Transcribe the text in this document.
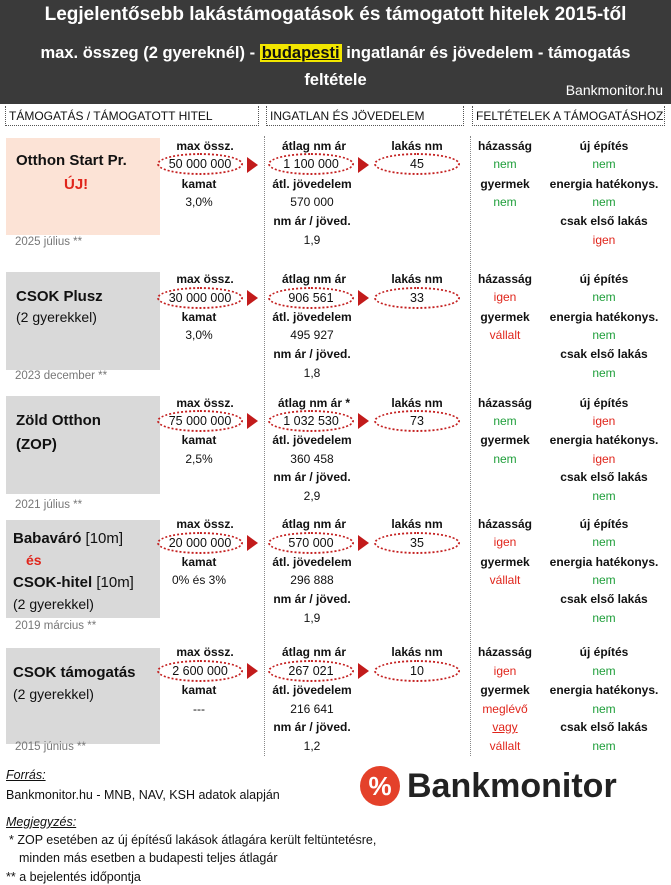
Legjelentősebb lakástámogatások és támogatott hitelek 2015-től
max. összeg (2 gyereknél) - budapesti ingatlanár és jövedelem - támogatás
feltétele
Bankmonitor.hu
TÁMOGATÁS / TÁMOGATOTT HITEL	INGATLAN ÉS JÖVEDELEM	FELTÉTELEK A TÁMOGATÁSHOZ
Otthon Start Pr.
ÚJ!
2025 július **
max össz.
50 000 000
kamat
3,0%
átlag nm ár
1 100 000
lakás nm
45
átl. jövedelem
570 000
nm ár / jöved.
1,9
házasság
nem
gyermek
nem
új építés
nem
energia hatékonys.
nem
csak első lakás
igen
CSOK Plusz
(2 gyerekkel)
2023 december **
max össz.
30 000 000
kamat
3,0%
átlag nm ár
906 561
lakás nm
33
átl. jövedelem
495 927
nm ár / jöved.
1,8
házasság
igen
gyermek
vállalt
új építés
nem
energia hatékonys.
nem
csak első lakás
nem
Zöld Otthon
(ZOP)
2021 július **
max össz.
75 000 000
kamat
2,5%
átlag nm ár *
1 032 530
lakás nm
73
átl. jövedelem
360 458
nm ár / jöved.
2,9
házasság
nem
gyermek
nem
új építés
igen
energia hatékonys.
igen
csak első lakás
nem
Babaváró [10m]
és
CSOK-hitel [10m]
(2 gyerekkel)
2019 március **
max össz.
20 000 000
kamat
0% és 3%
átlag nm ár
570 000
lakás nm
35
átl. jövedelem
296 888
nm ár / jöved.
1,9
házasság
igen
gyermek
vállalt
új építés
nem
energia hatékonys.
nem
csak első lakás
nem
CSOK támogatás
(2 gyerekkel)
2015 június **
max össz.
2 600 000
kamat
---
átlag nm ár
267 021
lakás nm
10
átl. jövedelem
216 641
nm ár / jöved.
1,2
házasság
igen
gyermek
meglévő
vagy
vállalt
új építés
nem
energia hatékonys.
nem
csak első lakás
nem
Forrás:
Bankmonitor.hu - MNB, NAV, KSH adatok alapján
Megjegyzés:
* ZOP esetében az új építésű lakások átlagára került feltüntetésre,
minden más esetben a budapesti teljes átlagár
** a bejelentés időpontja
% Bankmonitor
